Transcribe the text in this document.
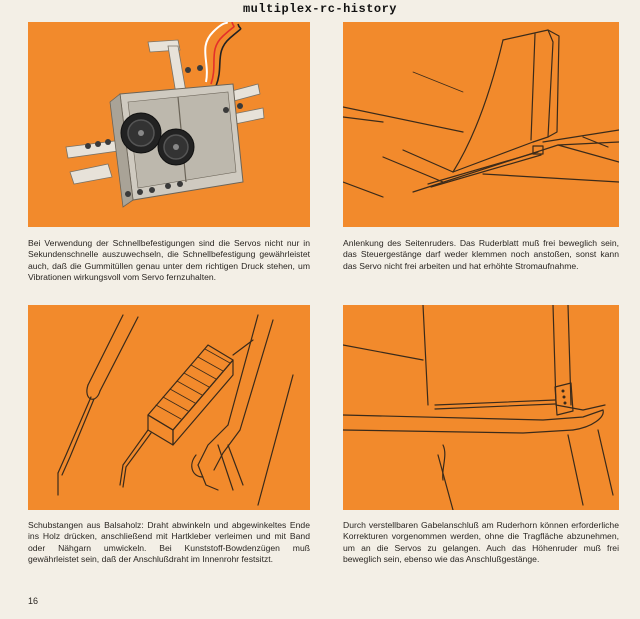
multiplex-rc-history

Bei Verwendung der Schnellbefestigungen sind die Servos nicht nur in Sekundenschnelle auszuwechseln, die Schnellbefestigung gewährleistet auch, daß die Gummitüllen genau unter dem richtigen Druck stehen, um Vibrationen wirkungsvoll vom Servo fernzuhalten.

Anlenkung des Seitenruders. Das Ruderblatt muß frei beweglich sein, das Steuergestänge darf weder klemmen noch anstoßen, sonst kann das Servo nicht frei arbeiten und hat erhöhte Stromaufnahme.

Schubstangen aus Balsaholz: Draht abwinkeln und abgewinkeltes Ende ins Holz drücken, anschließend mit Hartkleber verleimen und mit Band oder Nähgarn umwickeln. Bei Kunststoff-Bowdenzügen muß gewährleistet sein, daß der Anschlußdraht im Innenrohr festsitzt.

Durch verstellbaren Gabelanschluß am Ruderhorn können erforderliche Korrekturen vorgenommen werden, ohne die Tragfläche abzunehmen, um an die Servos zu gelangen. Auch das Höhenruder muß frei beweglich sein, ebenso wie das Anschlußgestänge.

16
